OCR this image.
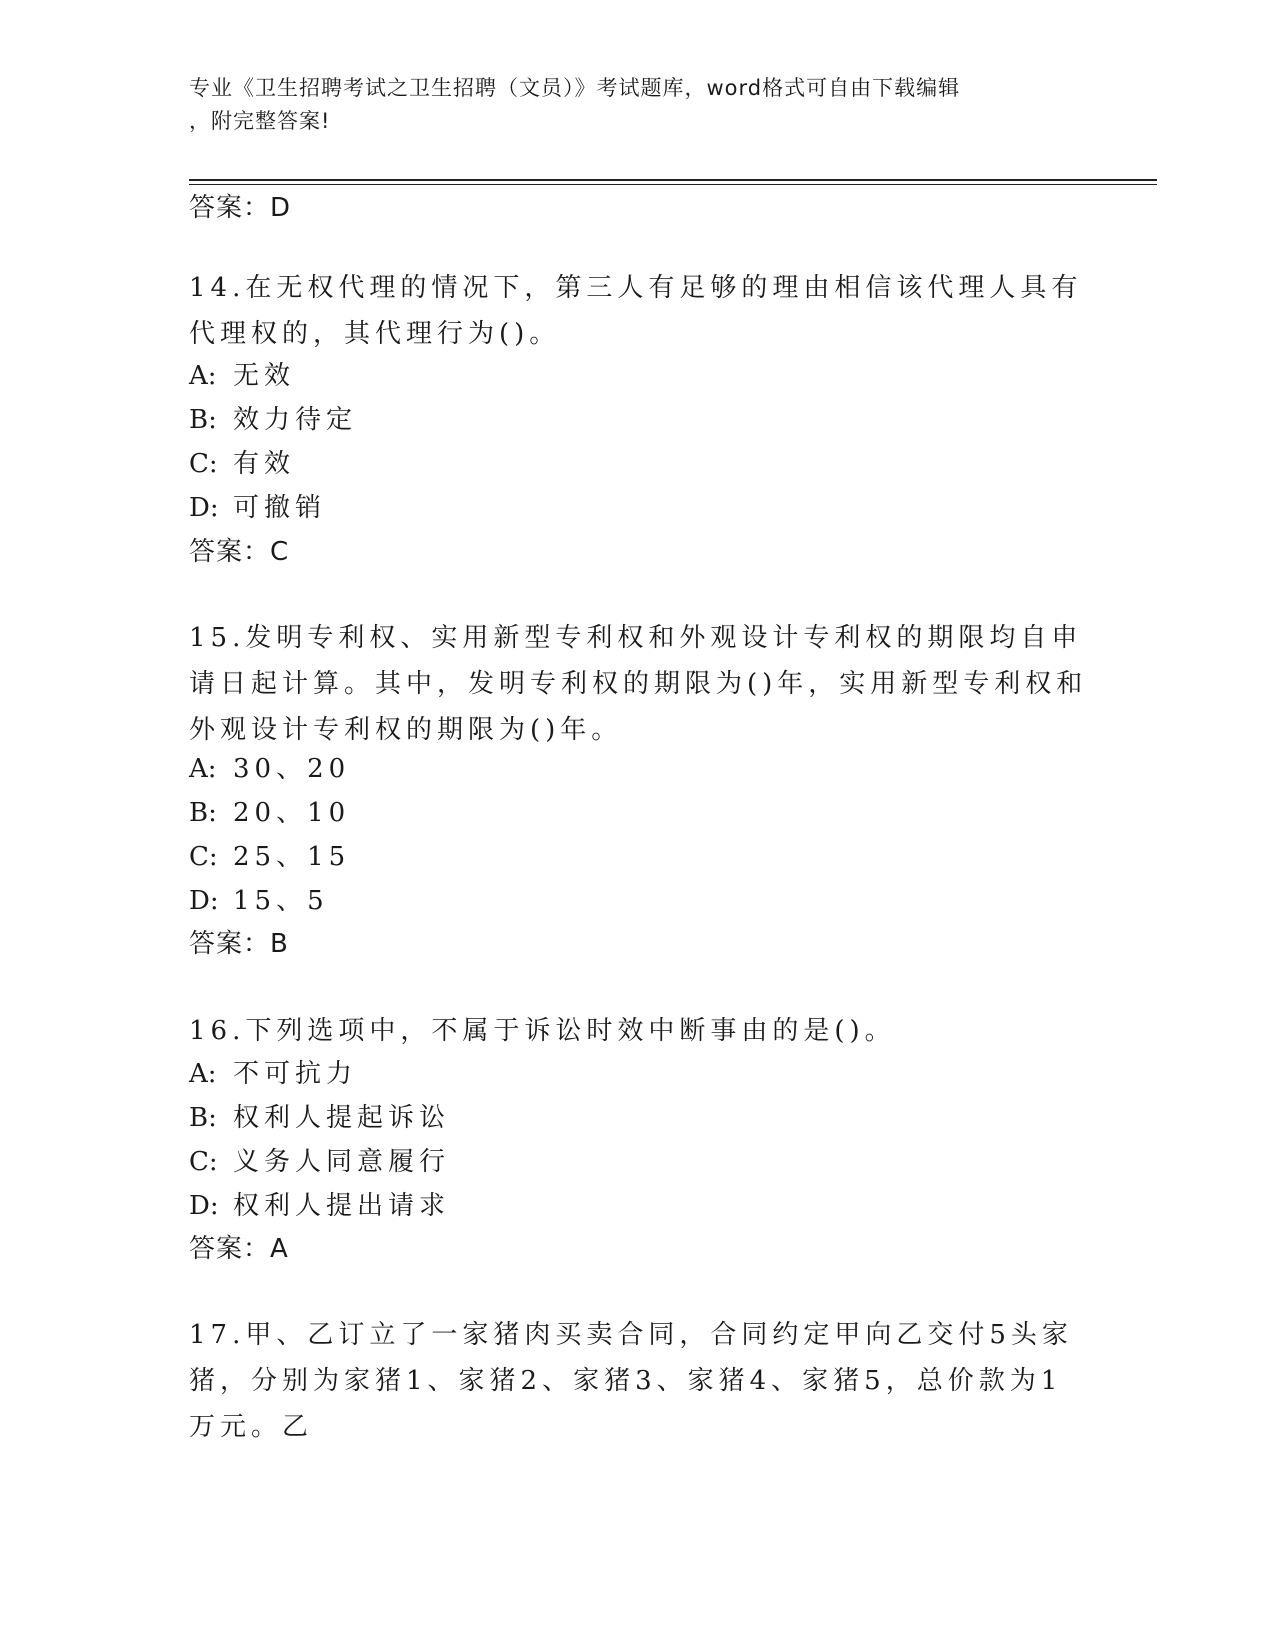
专业《卫生招聘考试之卫生招聘（文员）》考试题库，word格式可自由下载编辑
，附完整答案!
答案：D
14.在无权代理的情况下，第三人有足够的理由相信该代理人具有代理权的，其代理行为()。
A: 无效
B: 效力待定
C: 有效
D: 可撤销
答案：C
15.发明专利权、实用新型专利权和外观设计专利权的期限均自申请日起计算。其中，发明专利权的期限为()年，实用新型专利权和外观设计专利权的期限为()年。
A: 30、20
B: 20、10
C: 25、15
D: 15、5
答案：B
16.下列选项中，不属于诉讼时效中断事由的是()。
A: 不可抗力
B: 权利人提起诉讼
C: 义务人同意履行
D: 权利人提出请求
答案：A
17.甲、乙订立了一家猪肉买卖合同，合同约定甲向乙交付5头家猪，分别为家猪1、家猪2、家猪3、家猪4、家猪5，总价款为1万元。乙
